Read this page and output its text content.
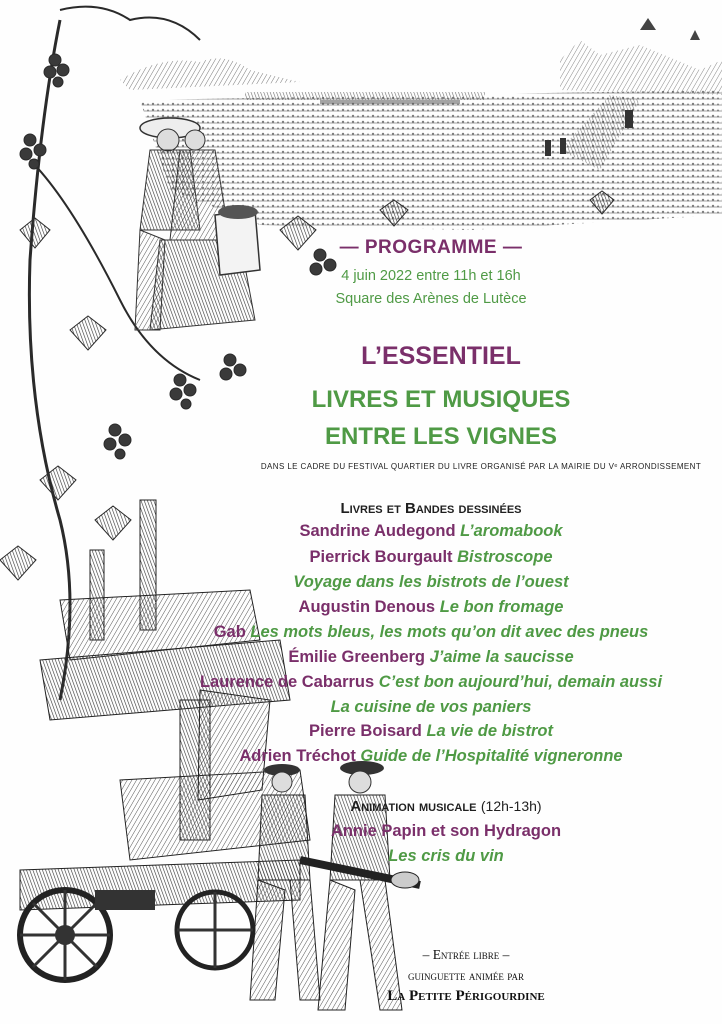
— PROGRAMME —
4 juin 2022 entre 11h et 16h
Square des Arènes de Lutèce
L’ESSENTIEL
LIVRES ET MUSIQUES
ENTRE LES VIGNES
DANS LE CADRE DU FESTIVAL QUARTIER DU LIVRE ORGANISÉ PAR LA MAIRIE DU Vᵉ ARRONDISSEMENT
Livres et Bandes dessinées
Sandrine Audegond L’aromabook
Pierrick Bourgault Bistroscope
Voyage dans les bistrots de l’ouest
Augustin Denous Le bon fromage
Gab Les mots bleus, les mots qu’on dit avec des pneus
Émilie Greenberg J’aime la saucisse
Laurence de Cabarrus C’est bon aujourd’hui, demain aussi
La cuisine de vos paniers
Pierre Boisard La vie de bistrot
Adrien Tréchot Guide de l’Hospitalité vigneronne
Animation musicale (12h-13h)
Annie Papin et son Hydragon
Les cris du vin
– Entrée libre –
guinguette animée par
La Petite Périgourdine
